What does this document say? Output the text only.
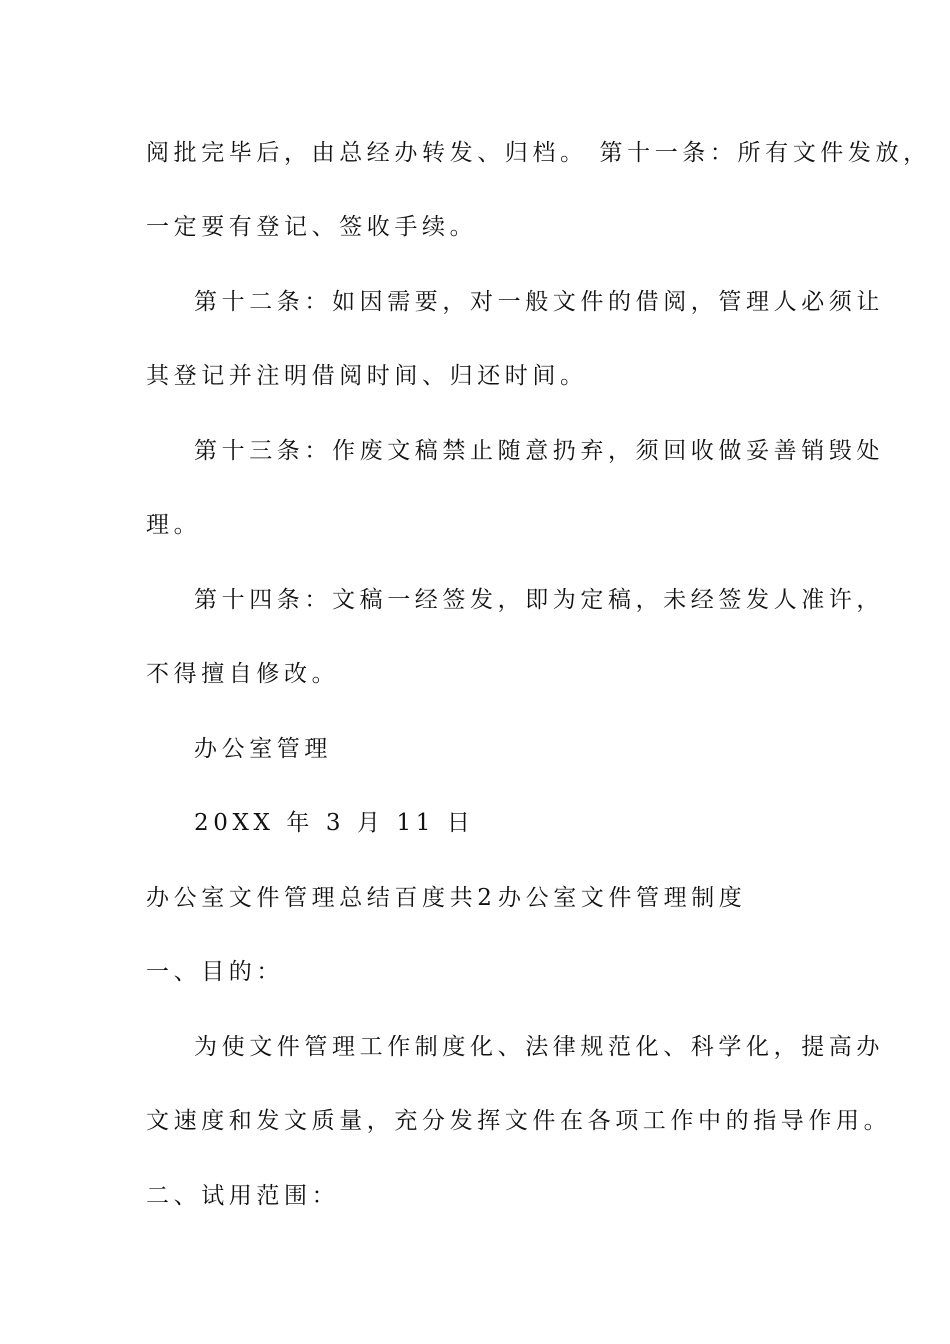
阅批完毕后，由总经办转发、归档。 第十一条：所有文件发放，
一定要有登记、签收手续。
第十二条：如因需要，对一般文件的借阅，管理人必须让
其登记并注明借阅时间、归还时间。
第十三条：作废文稿禁止随意扔弃，须回收做妥善销毁处
理。
第十四条：文稿一经签发，即为定稿，未经签发人准许，
不得擅自修改。
办公室管理
20XX 年 3 月 11 日
办公室文件管理总结百度共2 办公室文件管理制度
一、目的：
为使文件管理工作制度化、法律规范化、科学化，提高办
文速度和发文质量，充分发挥文件在各项工作中的指导作用。
二、试用范围：
